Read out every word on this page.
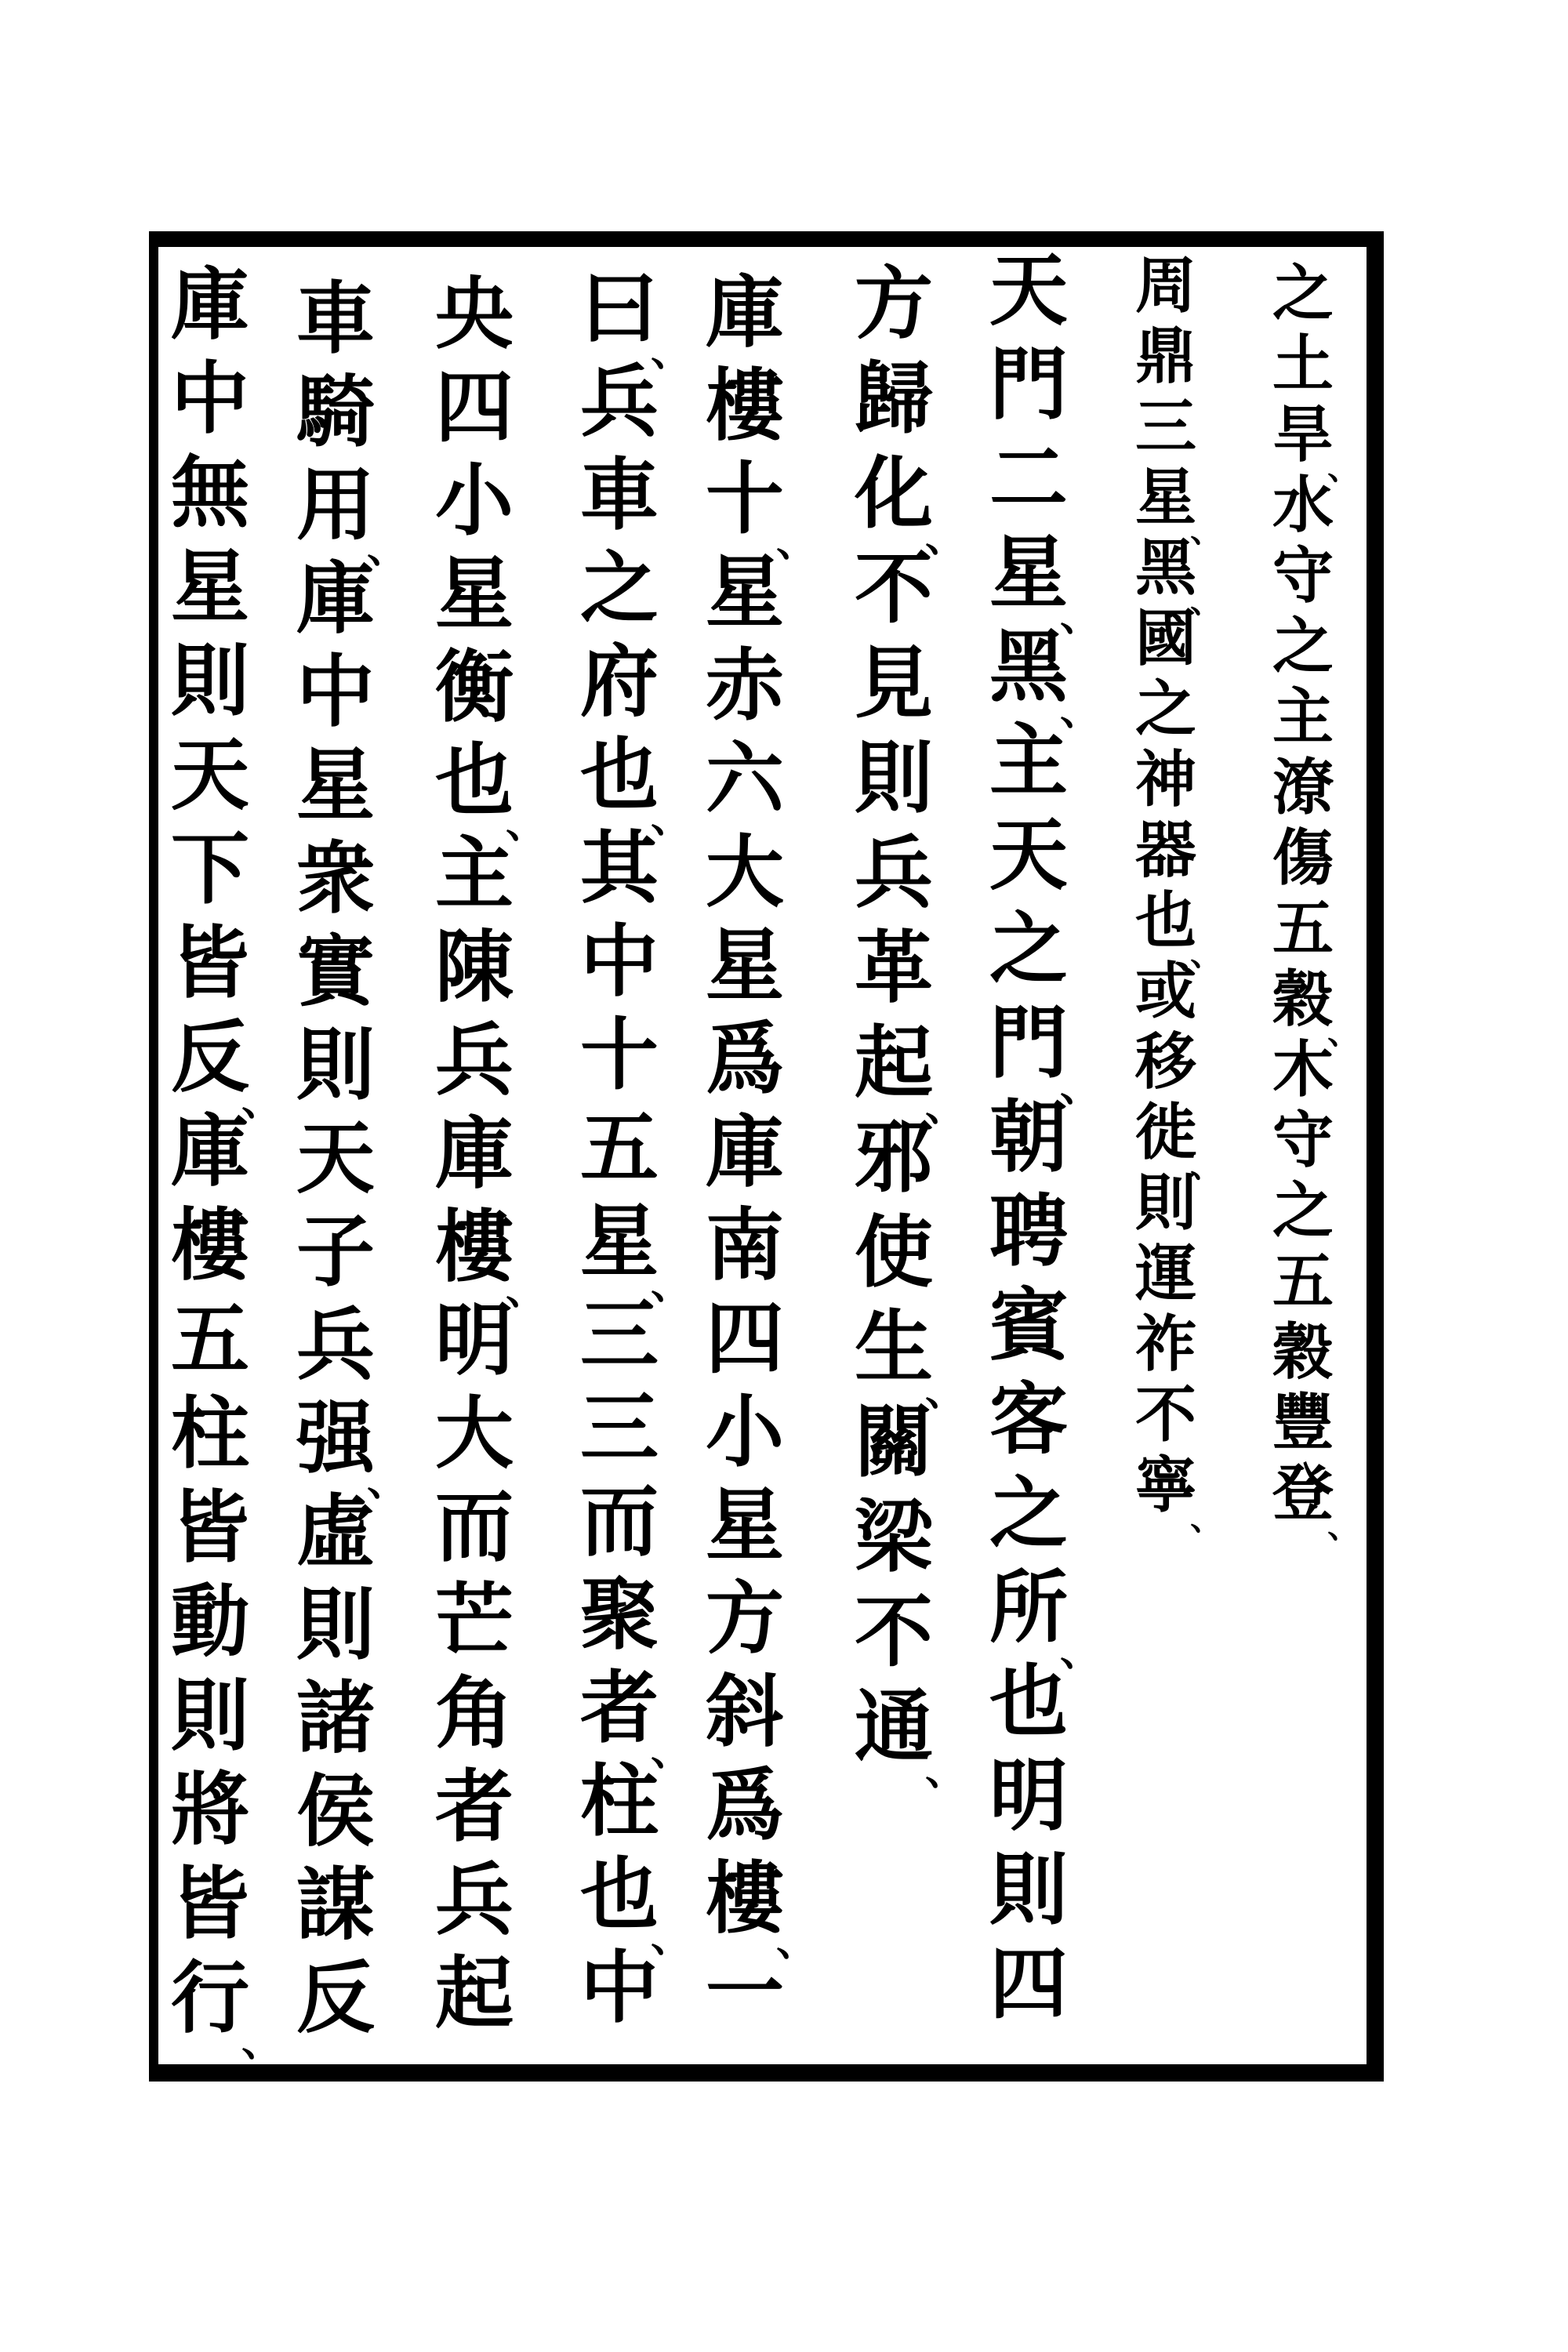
之
土
旱
水
守
之
主
潦
傷
五
穀
木
守
之
五
穀
豐
登
、
、
、
周
鼎
三
星
黑
國
之
神
器
也
或
移
徙
則
運
祚
不
寧
、
、
、
、
、
天
門
二
星
黑
主
天
之
門
朝
聘
賓
客
之
所
也
明
則
四
、
、
、
、
方
歸
化
不
見
則
兵
革
起
邪
使
生
關
梁
不
通
、
、
、
、
庫
樓
十
星
赤
六
大
星
爲
庫
南
四
小
星
方
斜
爲
樓
一
、
、
曰
兵
車
之
府
也
其
中
十
五
星
三
三
而
聚
者
柱
也
中
、
、
、
、
、
央
四
小
星
衡
也
主
陳
兵
庫
樓
明
大
而
芒
角
者
兵
起
、
、
車
騎
用
庫
中
星
衆
實
則
天
子
兵
强
虛
則
諸
侯
謀
反
、
、
庫
中
無
星
則
天
下
皆
反
庫
樓
五
柱
皆
動
則
將
皆
行
、
、
